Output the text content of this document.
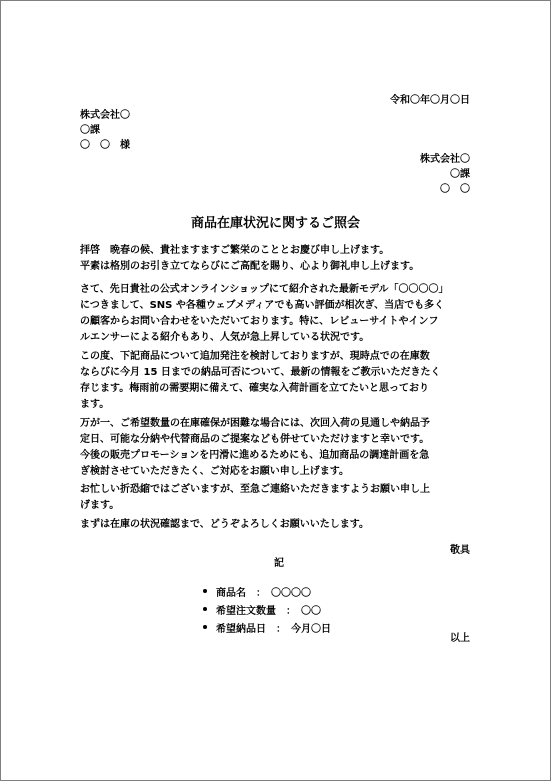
令和〇年〇月〇日
株式会社〇
〇課
〇　〇　様
株式会社〇
〇課
〇　〇
商品在庫状況に関するご照会
拝啓　晩春の候、貴社ますますご繁栄のこととお慶び申し上げます。
平素は格別のお引き立てならびにご高配を賜り、心より御礼申し上げます。
さて、先日貴社の公式オンラインショップにて紹介された最新モデル「〇〇〇〇」
につきまして、SNS や各種ウェブメディアでも高い評価が相次ぎ、当店でも多く
の顧客からお問い合わせをいただいております。特に、レビューサイトやインフ
ルエンサーによる紹介もあり、人気が急上昇している状況です。
この度、下記商品について追加発注を検討しておりますが、現時点での在庫数
ならびに今月 15 日までの納品可否について、最新の情報をご教示いただきたく
存じます。梅雨前の需要期に備えて、確実な入荷計画を立てたいと思っており
ます。
万が一、ご希望数量の在庫確保が困難な場合には、次回入荷の見通しや納品予
定日、可能な分納や代替商品のご提案なども併せていただけますと幸いです。
今後の販売プロモーションを円滑に進めるためにも、追加商品の調達計画を急
ぎ検討させていただきたく、ご対応をお願い申し上げます。
お忙しい折恐縮ではございますが、至急ご連絡いただきますようお願い申し上
げます。
まずは在庫の状況確認まで、どうぞよろしくお願いいたします。
敬具
記
商品名　：　〇〇〇〇
希望注文数量　：　〇〇
希望納品日　：　今月〇日
以上
